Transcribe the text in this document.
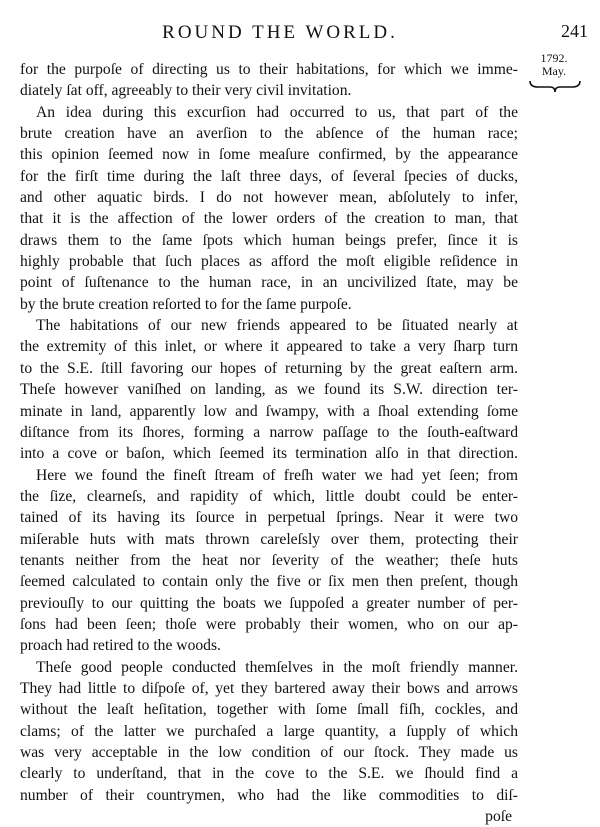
ROUND THE WORLD.	241
1792.
May.
for the purpoſe of directing us to their habitations, for which we imme-
diately ſat off, agreeably to their very civil invitation.
An idea during this excurſion had occurred to us, that part of the
brute creation have an averſion to the abſence of the human race;
this opinion ſeemed now in ſome meaſure confirmed, by the appearance
for the firſt time during the laſt three days, of ſeveral ſpecies of ducks,
and other aquatic birds. I do not however mean, abſolutely to infer,
that it is the affection of the lower orders of the creation to man, that
draws them to the ſame ſpots which human beings prefer, ſince it is
highly probable that ſuch places as afford the moſt eligible reſidence in
point of ſuſtenance to the human race, in an uncivilized ſtate, may be
by the brute creation reſorted to for the ſame purpoſe.
The habitations of our new friends appeared to be ſituated nearly at
the extremity of this inlet, or where it appeared to take a very ſharp turn
to the S.E. ſtill favoring our hopes of returning by the great eaſtern arm.
Theſe however vaniſhed on landing, as we found its S.W. direction ter-
minate in land, apparently low and ſwampy, with a ſhoal extending ſome
diſtance from its ſhores, forming a narrow paſſage to the ſouth-eaſtward
into a cove or baſon, which ſeemed its termination alſo in that direction.
Here we found the fineſt ſtream of freſh water we had yet ſeen; from
the ſize, clearneſs, and rapidity of which, little doubt could be enter-
tained of its having its ſource in perpetual ſprings. Near it were two
miſerable huts with mats thrown careleſsly over them, protecting their
tenants neither from the heat nor ſeverity of the weather; theſe huts
ſeemed calculated to contain only the five or ſix men then preſent, though
previouſly to our quitting the boats we ſuppoſed a greater number of per-
ſons had been ſeen; thoſe were probably their women, who on our ap-
proach had retired to the woods.
Theſe good people conducted themſelves in the moſt friendly manner.
They had little to diſpoſe of, yet they bartered away their bows and arrows
without the leaſt heſitation, together with ſome ſmall fiſh, cockles, and
clams; of the latter we purchaſed a large quantity, a ſupply of which
was very acceptable in the low condition of our ſtock. They made us
clearly to underſtand, that in the cove to the S.E. we ſhould find a
number of their countrymen, who had the like commodities to diſ-
poſe
